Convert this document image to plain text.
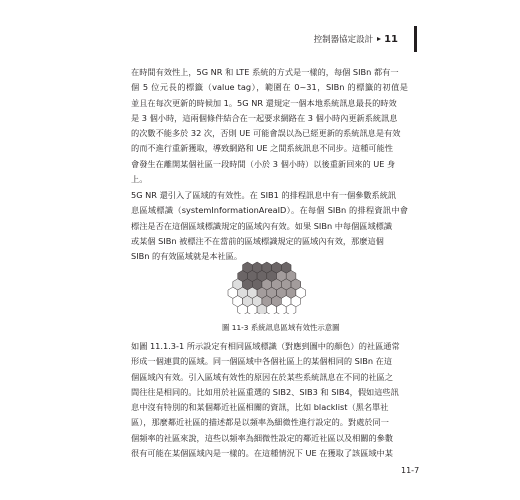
控制器協定設計 11
在時間有效性上，5G NR 和 LTE 系統的方式是一樣的，每個 SIBn 都有一
個 5 位元長的標籤（value tag），範圍在 0~31，SIBn 的標籤的初值是
並且在每次更新的時候加 1。5G NR 還規定一個本地系統訊息最長的時效
是 3 個小時，這兩個條件結合在一起要求網路在 3 個小時內更新系統訊息
的次數不能多於 32 次，否則 UE 可能會誤以為已經更新的系統訊息是有效
的而不進行重新獲取，導致網路和 UE 之間系統訊息不同步。這種可能性
會發生在離開某個社區一段時間（小於 3 個小時）以後重新回來的 UE 身
上。
5G NR 還引入了區域的有效性。在 SIB1 的排程訊息中有一個參數系統訊
息區域標識（systemInformationAreaID）。在每個 SIBn 的排程資訊中會
標注是否在這個區域標識規定的區域內有效。如果 SIBn 中每個區域標識
或某個 SIBn 被標注不在當前的區域標識規定的區域內有效，那麼這個
SIBn 的有效區域就是本社區。
圖 11-3 系統訊息區域有效性示意圖
如圖 11.1.3-1 所示設定有相同區域標識（對應到圖中的顏色）的社區通常
形成一個連貫的區域。同一個區域中各個社區上的某個相同的 SIBn 在這
個區域內有效。引入區域有效性的原因在於某些系統訊息在不同的社區之
間往往是相同的。比如用於社區重選的 SIB2、SIB3 和 SIB4，假如這些訊
息中沒有特別的和某個鄰近社區相關的資訊，比如 blacklist（黑名單社
區），那麼鄰近社區的描述都是以頻率為細微性進行設定的。對處於同一
個頻率的社區來說，這些以頻率為細微性設定的鄰近社區以及相關的參數
很有可能在某個區域內是一樣的。在這種情況下 UE 在獲取了該區域中某
11-7
